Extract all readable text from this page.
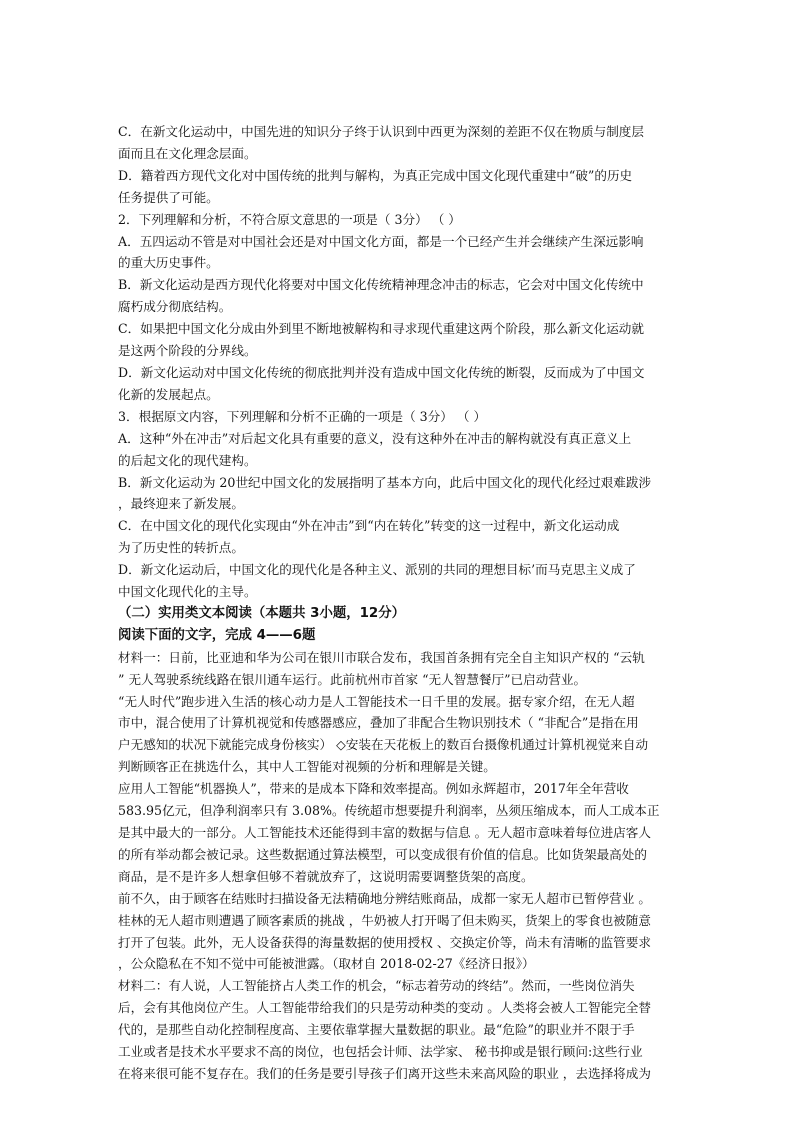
C．在新文化运动中，中国先进的知识分子终于认识到中西更为深刻的差距不仅在物质与制度层

面而且在文化理念层面。

D．籍着西方现代文化对中国传统的批判与解构，为真正完成中国文化现代重建中“破”的历史

任务提供了可能。

2．下列理解和分析，不符合原文意思的一项是（ 3分） （ ）

A．五四运动不管是对中国社会还是对中国文化方面，都是一个已经产生并会继续产生深远影响

的重大历史事件。

B．新文化运动是西方现代化将要对中国文化传统精神理念冲击的标志，它会对中国文化传统中

腐朽成分彻底结构。

C．如果把中国文化分成由外到里不断地被解构和寻求现代重建这两个阶段，那么新文化运动就

是这两个阶段的分界线。

D．新文化运动对中国文化传统的彻底批判并没有造成中国文化传统的断裂，反而成为了中国文

化新的发展起点。

3．根据原文内容，下列理解和分析不正确的一项是（ 3分） （ ）

A．这种“外在冲击”对后起文化具有重要的意义，没有这种外在冲击的解构就没有真正意义上

的后起文化的现代建构。

B．新文化运动为 20世纪中国文化的发展指明了基本方向，此后中国文化的现代化经过艰难跋涉

，最终迎来了新发展。

C．在中国文化的现代化实现由“外在冲击”到“内在转化”转变的这一过程中，新文化运动成

为了历史性的转折点。

D．新文化运动后，中国文化的现代化是各种主义、派别的共同的理想目标’而马克思主义成了

中国文化现代化的主导。

（二）实用类文本阅读（本题共 3小题，12分）

阅读下面的文字，完成 4——6题

材料一：日前，比亚迪和华为公司在银川市联合发布，我国首条拥有完全自主知识产权的 “云轨

” 无人驾驶系统线路在银川通车运行。此前杭州市首家 “无人智慧餐厅”已启动营业。

“无人时代”跑步进入生活的核心动力是人工智能技术一日千里的发展。据专家介绍，在无人超

市中，混合使用了计算机视觉和传感器感应，叠加了非配合生物识别技术（ “非配合”是指在用

户无感知的状况下就能完成身份核实） ◇安装在天花板上的数百台摄像机通过计算机视觉来自动

判断顾客正在挑选什么，其中人工智能对视频的分析和理解是关键。

应用人工智能“机器换人”，带来的是成本下降和效率提高。例如永辉超市，2017年全年营收

583.95亿元，但净利润率只有 3.08%。传统超市想要提升利润率，丛须压缩成本，而人工成本正

是其中最大的一部分。人工智能技术还能得到丰富的数据与信息 。无人超市意味着每位进店客人

的所有举动都会被记录。这些数据通过算法模型，可以变成很有价值的信息。比如货架最高处的

商品，是不是许多人想拿但够不着就放弃了，这说明需要调整货架的高度。

前不久，由于顾客在结账时扫描设备无法精确地分辨结账商品，成都一家无人超市已暂停营业 。

桂林的无人超市则遭遇了顾客素质的挑战 ，牛奶被人打开喝了但未购买，货架上的零食也被随意

打开了包装。此外，无人设备获得的海量数据的使用授权 、交换定价等，尚未有清晰的监管要求

，公众隐私在不知不觉中可能被泄露。（取材自 2018-02-27《经济日报》）

材料二：有人说，人工智能挤占人类工作的机会，“标志着劳动的终结”。然而，一些岗位消失

后，会有其他岗位产生。人工智能带给我们的只是劳动种类的变动 。人类将会被人工智能完全替

代的，是那些自动化控制程度高、主要依靠掌握大量数据的职业。最“危险”的职业并不限于手

工业或者是技术水平要求不高的岗位，也包括会计师、法学家、 秘书抑或是银行顾问:这些行业

在将来很可能不复存在。我们的任务是要引导孩子们离开这些未来高风险的职业 ，去选择将成为
